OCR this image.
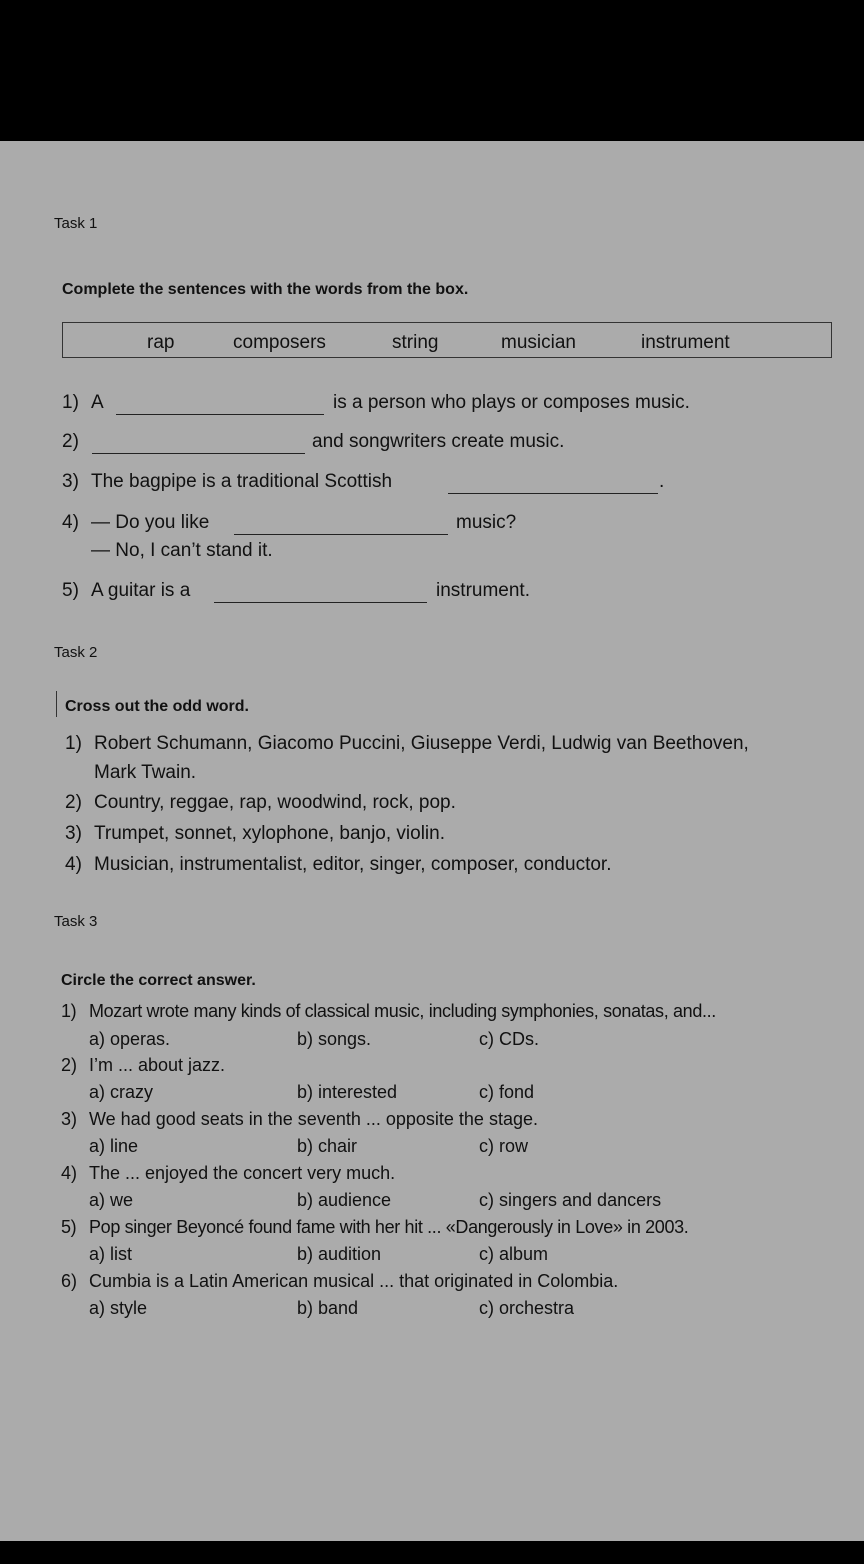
Task 1
Complete the sentences with the words from the box.
rap	composers	string	musician	instrument
1) A	is a person who plays or composes music.
2)	and songwriters create music.
3) The bagpipe is a traditional Scottish	.
4) — Do you like	music?
— No, I can’t stand it.
5) A guitar is a	instrument.
Task 2
Cross out the odd word.
1) Robert Schumann, Giacomo Puccini, Giuseppe Verdi, Ludwig van Beethoven,
Mark Twain.
2) Country, reggae, rap, woodwind, rock, pop.
3) Trumpet, sonnet, xylophone, banjo, violin.
4) Musician, instrumentalist, editor, singer, composer, conductor.
Task 3
Circle the correct answer.
1) Mozart wrote many kinds of classical music, including symphonies, sonatas, and...
a) operas.	b) songs.	c) CDs.
2) I’m ... about jazz.
a) crazy	b) interested	c) fond
3) We had good seats in the seventh ... opposite the stage.
a) line	b) chair	c) row
4) The ... enjoyed the concert very much.
a) we	b) audience	c) singers and dancers
5) Pop singer Beyoncé found fame with her hit ... «Dangerously in Love» in 2003.
a) list	b) audition	c) album
6) Cumbia is a Latin American musical ... that originated in Colombia.
a) style	b) band	c) orchestra
